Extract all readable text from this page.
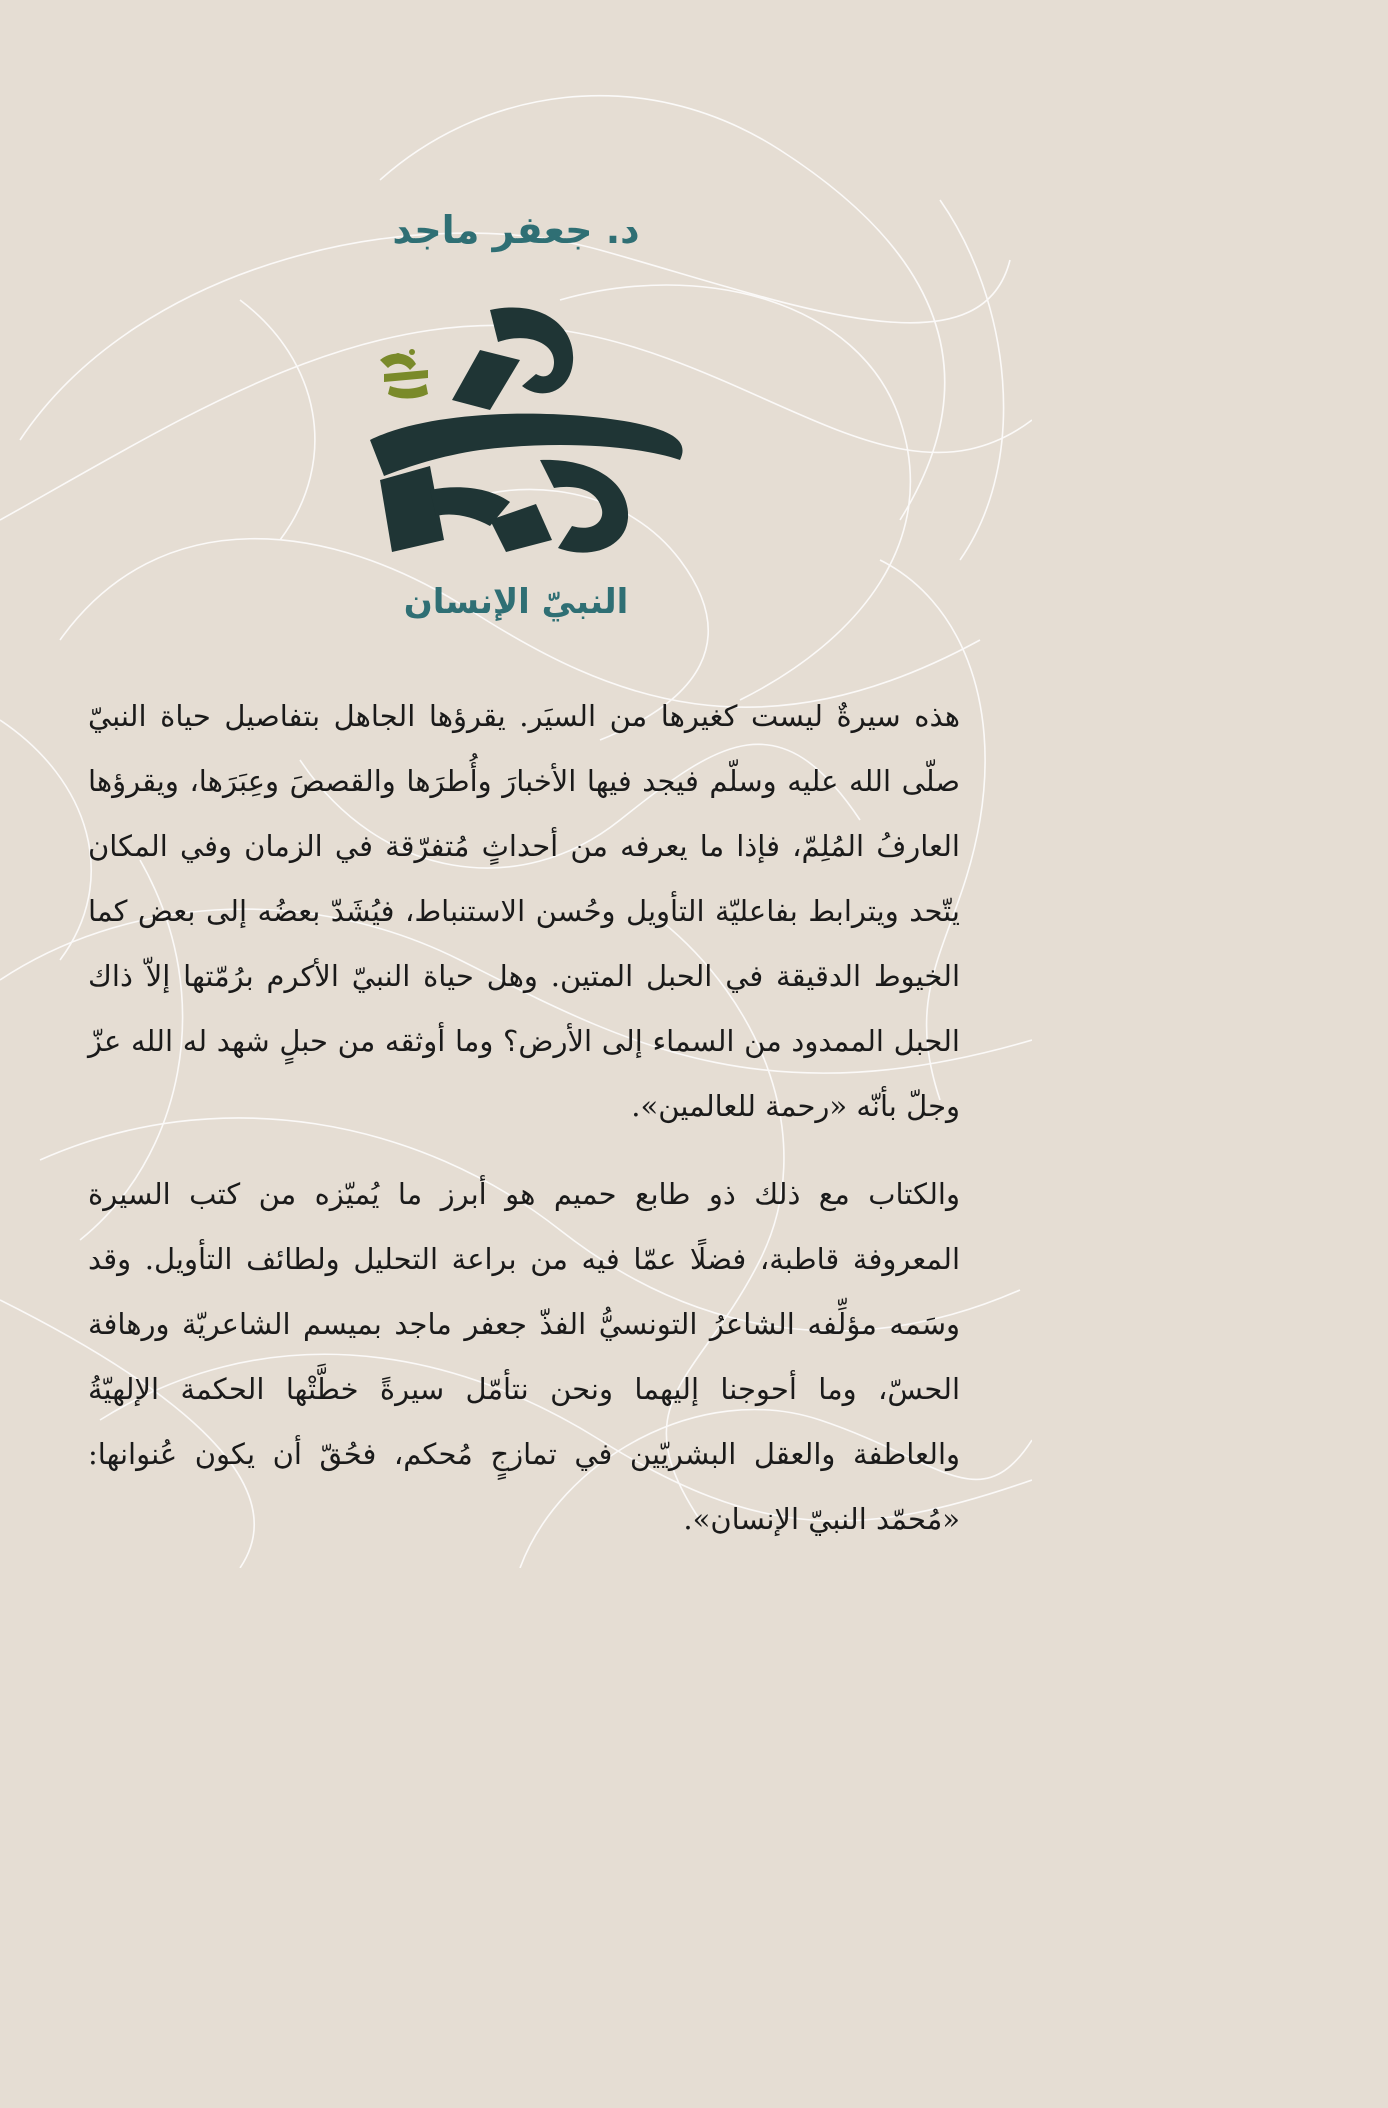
د. جعفر ماجد
النبيّ الإنسان

هذه سيرةٌ ليست كغيرها من السيَر. يقرؤها الجاهل بتفاصيل حياة النبيّ صلّى الله عليه وسلّم فيجد فيها الأخبارَ وأُطرَها والقصصَ وعِبَرَها، ويقرؤها العارفُ المُلِمّ، فإذا ما يعرفه من أحداثٍ مُتفرّقة في الزمان وفي المكان يتّحد ويترابط بفاعليّة التأويل وحُسن الاستنباط، فيُشَدّ بعضُه إلى بعض كما الخيوط الدقيقة في الحبل المتين. وهل حياة النبيّ الأكرم برُمّتها إلاّ ذاك الحبل الممدود من السماء إلى الأرض؟ وما أوثقه من حبلٍ شهد له الله عزّ وجلّ بأنّه «رحمة للعالمين».

والكتاب مع ذلك ذو طابع حميم هو أبرز ما يُميّزه من كتب السيرة المعروفة قاطبة، فضلًا عمّا فيه من براعة التحليل ولطائف التأويل. وقد وسَمه مؤلِّفه الشاعرُ التونسيُّ الفذّ جعفر ماجد بميسم الشاعريّة ورهافة الحسّ، وما أحوجنا إليهما ونحن نتأمّل سيرةً خطَّتْها الحكمة الإلهيّةُ والعاطفة والعقل البشريّين في تمازجٍ مُحكم، فحُقّ أن يكون عُنوانها: «مُحمّد النبيّ الإنسان».
